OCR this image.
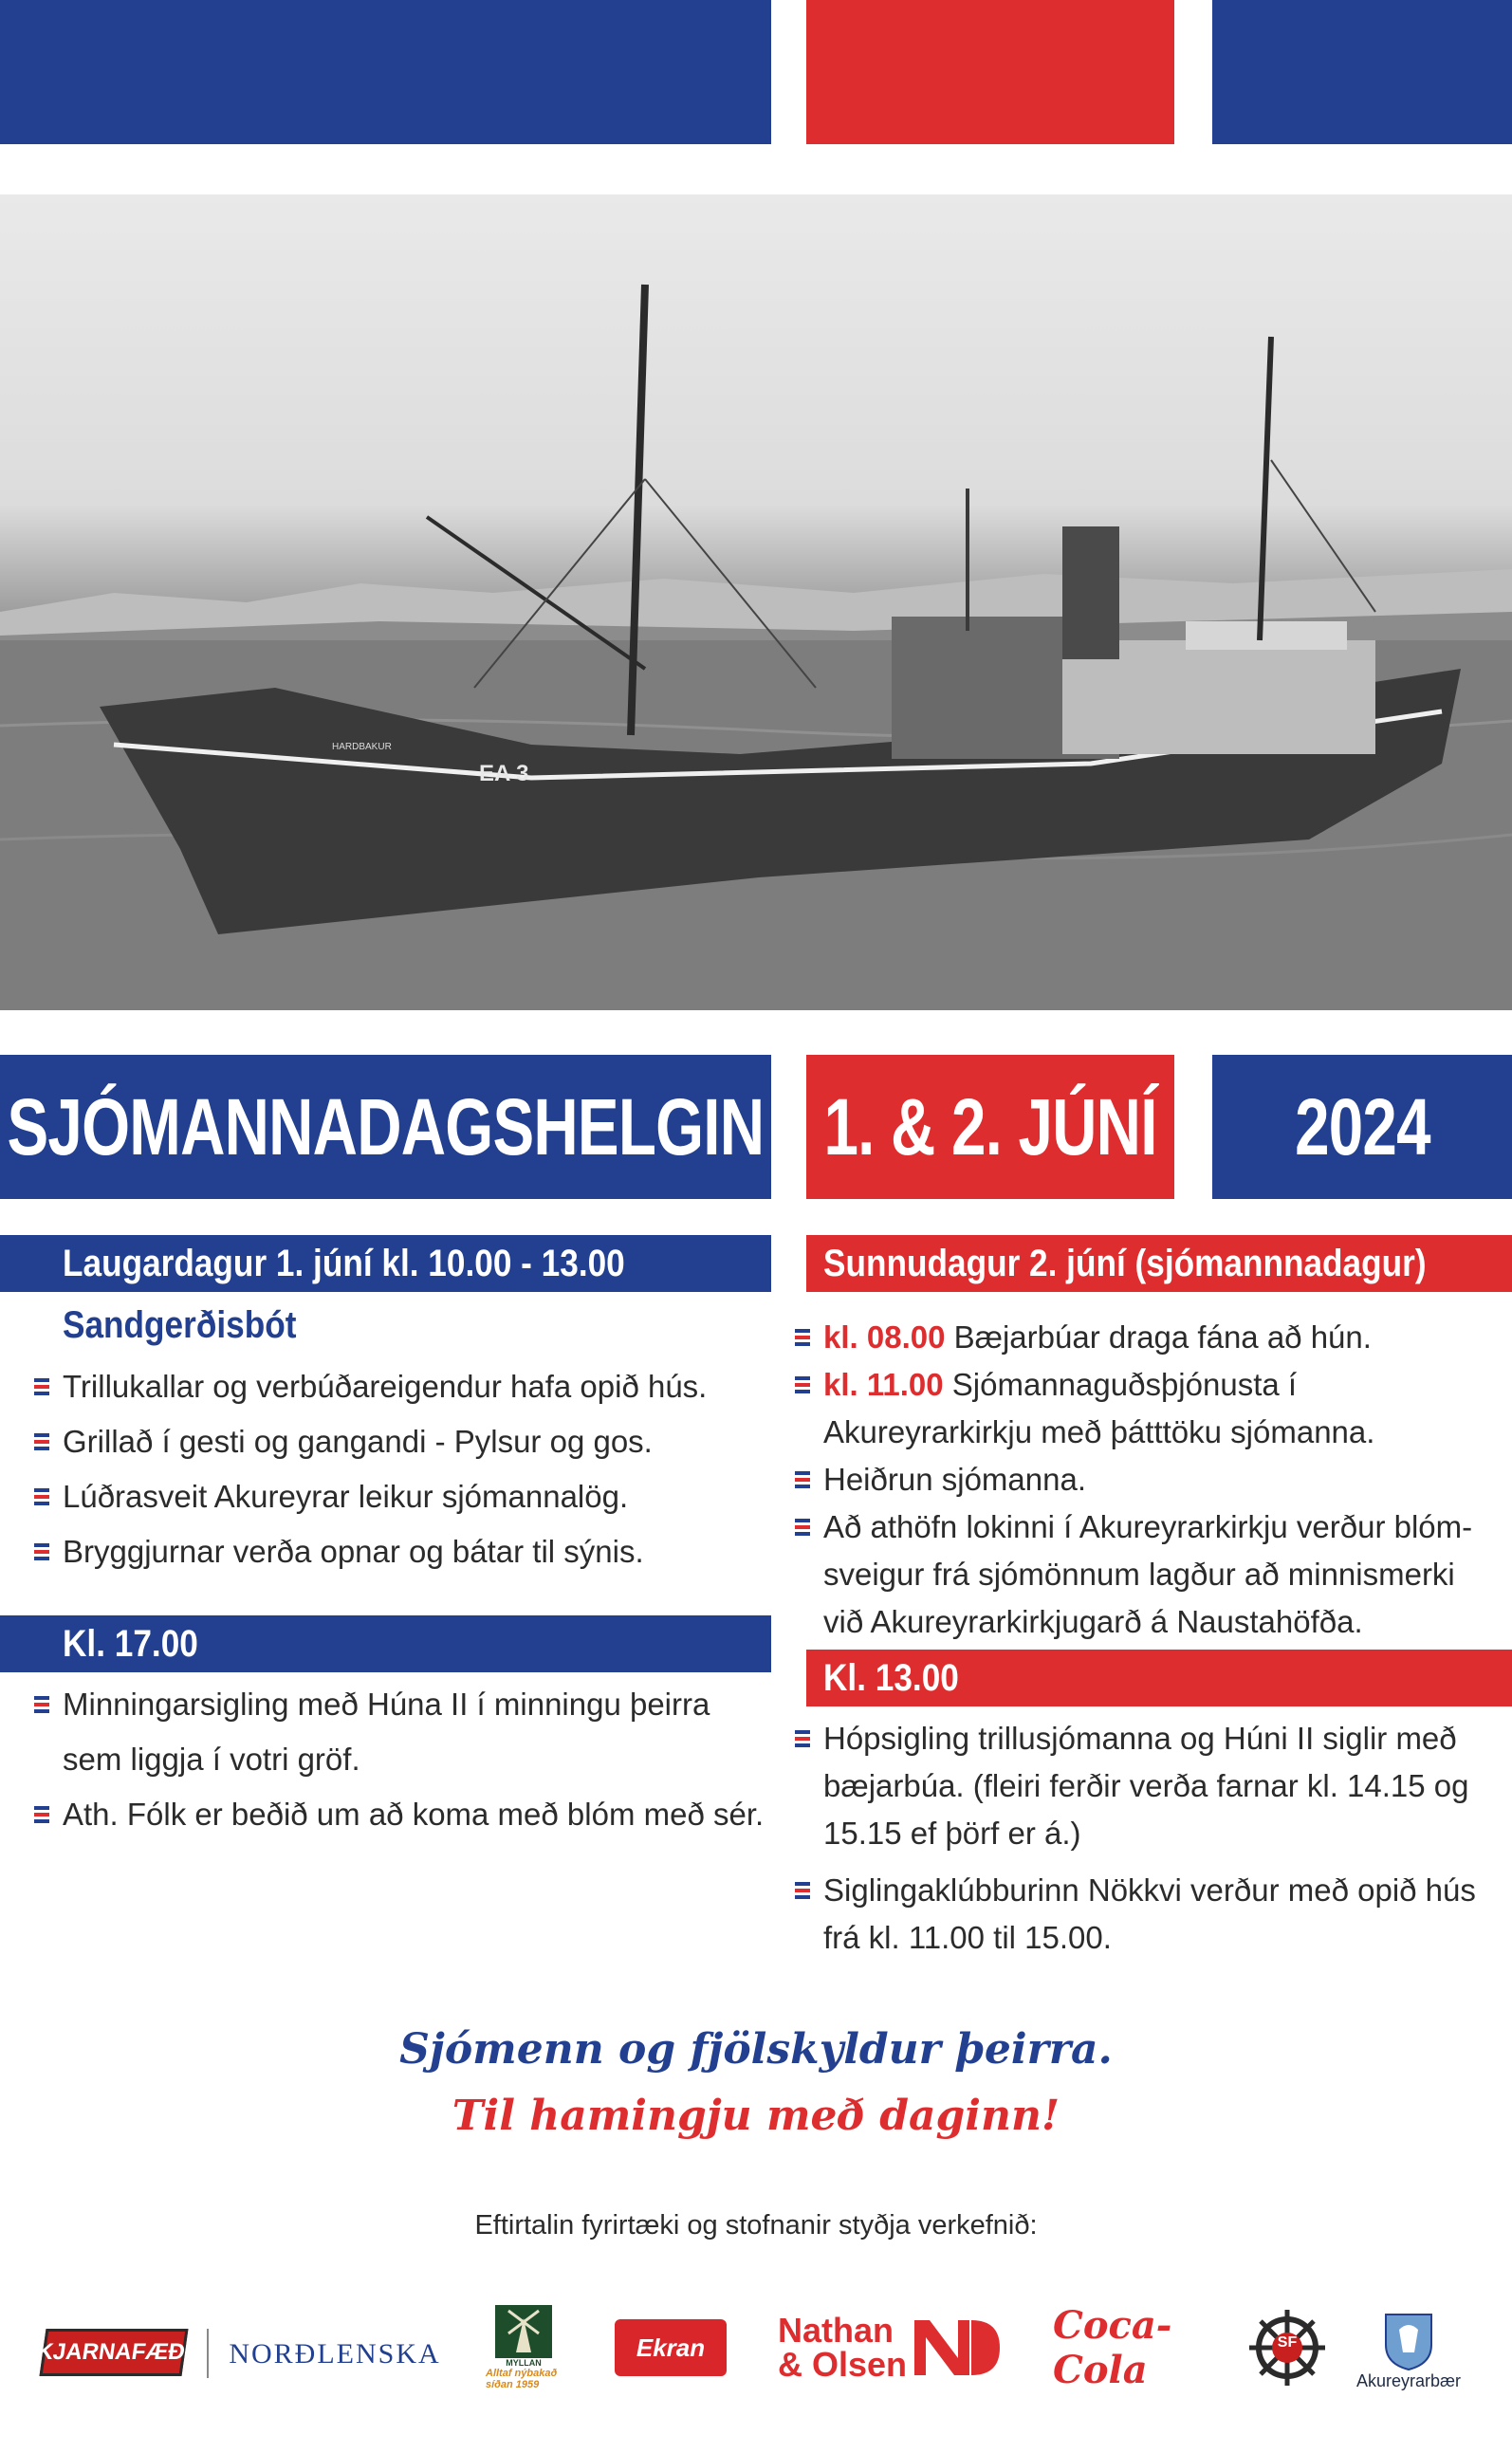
EA 3
HARDBAKUR
SJÓMANNADAGSHELGIN 1. & 2. JÚNÍ 2024
Laugardagur 1. júní kl. 10.00 - 13.00
Sandgerðisbót
Trillukallar og verbúðareigendur hafa opið hús.
Grillað í gesti og gangandi - Pylsur og gos.
Lúðrasveit Akureyrar leikur sjómannalög.
Bryggjurnar verða opnar og bátar til sýnis.
Kl. 17.00
Minningarsigling með Húna II í minningu þeirra sem liggja í votri gröf.
Ath. Fólk er beðið um að koma með blóm með sér.
Sunnudagur 2. júní (sjómannnadagur)
kl. 08.00 Bæjarbúar draga fána að hún.
kl. 11.00 Sjómannaguðsþjónusta í Akureyrarkirkju með þátttöku sjómanna.
Heiðrun sjómanna.
Að athöfn lokinni í Akureyrarkirkju verður blóm-sveigur frá sjómönnum lagður að minnismerki við Akureyrarkirkjugarð á Naustahöfða.
Kl. 13.00
Hópsigling trillusjómanna og Húni II siglir með bæjarbúa. (fleiri ferðir verða farnar kl. 14.15 og 15.15 ef þörf er á.)
Siglingaklúbburinn Nökkvi verður með opið hús frá kl. 11.00 til 15.00.
Sjómenn og fjölskyldur þeirra.
Til hamingju með daginn!
Eftirtalin fyrirtæki og stofnanir styðja verkefnið:
KJARNAFÆÐI NORÐLENSKA	MYLLAN
Alltaf nýbakað síðan 1959
Ekran Nathan
& Olsen
Coca-Cola
SF
Akureyrarbær
